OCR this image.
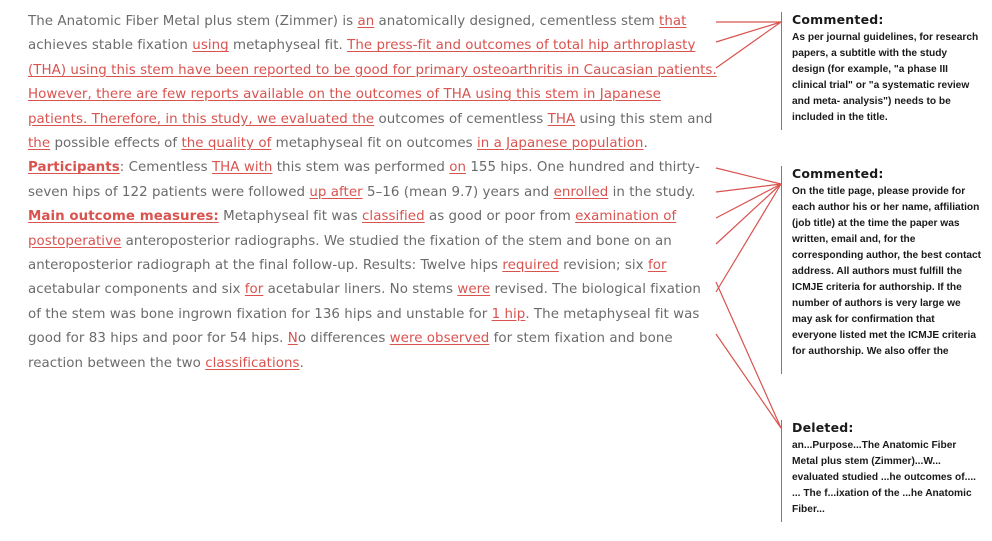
The Anatomic Fiber Metal plus stem (Zimmer) is an anatomically designed, cementless stem that achieves stable fixation using metaphyseal fit. The press-fit and outcomes of total hip arthroplasty (THA) using this stem have been reported to be good for primary osteoarthritis in Caucasian patients. However, there are few reports available on the outcomes of THA using this stem in Japanese patients. Therefore, in this study, we evaluated the outcomes of cementless THA using this stem and the possible effects of the quality of metaphyseal fit on outcomes in a Japanese population. Participants: Cementless THA with this stem was performed on 155 hips. One hundred and thirty-seven hips of 122 patients were followed up after 5–16 (mean 9.7) years and enrolled in the study. Main outcome measures: Metaphyseal fit was classified as good or poor from examination of postoperative anteroposterior radiographs. We studied the fixation of the stem and bone on an anteroposterior radiograph at the final follow-up. Results: Twelve hips required revision; six for acetabular components and six for acetabular liners. No stems were revised. The biological fixation of the stem was bone ingrown fixation for 136 hips and unstable for 1 hip. The metaphyseal fit was good for 83 hips and poor for 54 hips. No differences were observed for stem fixation and bone reaction between the two classifications.

Commented:
As per journal guidelines, for research papers, a subtitle with the study design (for example, "a phase III clinical trial" or "a systematic review and meta- analysis") needs to be included in the title.
Commented:
On the title page, please provide for each author his or her name, affiliation (job title) at the time the paper was written, email and, for the corresponding author, the best contact address. All authors must fulfill the ICMJE criteria for authorship. If the number of authors is very large we may ask for confirmation that everyone listed met the ICMJE criteria for authorship. We also offer the
Deleted:
an...Purpose...The Anatomic Fiber Metal plus stem (Zimmer)...W... evaluated studied ...he outcomes of.... ... The f...ixation of the ...he Anatomic Fiber...
